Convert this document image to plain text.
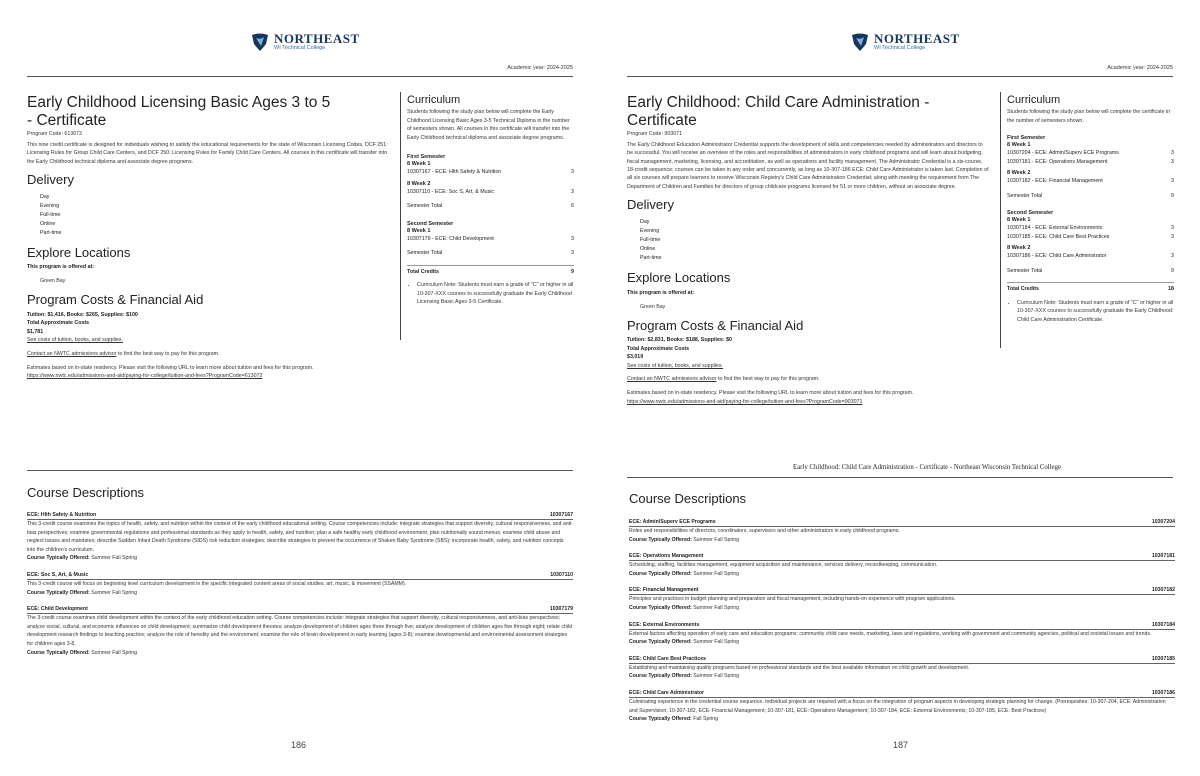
NORTHEAST
WI Technical College
Academic year: 2024-2025
Early Childhood Licensing Basic Ages 3 to 5
- Certificate
Program Code: 613072
This nine credit certificate is designed for individuals wishing to satisfy the educational requirements for the state of Wisconsin Licensing Codes, DCF 251: Licensing Rules for Group Child Care Centers, and DCF 250: Licensing Rules for Family Child Care Centers. All courses in this certificate will transfer into the Early Childhood technical diploma and associate degree programs.
Delivery
Day
Evening
Full-time
Online
Part-time
Explore Locations
This program is offered at:
Green Bay
Program Costs & Financial Aid
Tuition: $1,416, Books: $265, Supplies: $100
Total Approximate Costs
$1,781
See costs of tuition, books, and supplies.
Contact an NWTC admissions advisor to find the best way to pay for this program.
Estimates based on in-state residency. Please visit the following URL to learn more about tuition and fees for this program.
https://www.nwtc.edu/admissions-and-aid/paying-for-college/tuition-and-fees?ProgramCode=613072
Curriculum
Students following the study plan below will complete the Early Childhood Licensing Basic Ages 3-5 Technical Diploma in the number of semesters shown. All courses in this certificate will transfer into the Early Childhood technical diploma and associate degree programs.
First Semester
8 Week 1
10307167 - ECE: Hlth Safety & Nutrition	3
8 Week 2
10307110 - ECE: Soc S, Art, & Music	3
Semester Total	6
Second Semester
8 Week 1
10307179 - ECE: Child Development	3
Semester Total	3
Total Credits	9
• Curriculum Note: Students must earn a grade of "C" or higher in all 10-307-XXX courses to successfully graduate the Early Childhood Licensing Basic Ages 3-5 Certificate.
Course Descriptions
ECE: Hlth Safety & Nutrition	10307167
This 3-credit course examines the topics of health, safety, and nutrition within the context of the early childhood educational setting. Course competencies include: integrate strategies that support diversity, cultural responsiveness, and anti-bias perspectives; examine governmental regulations and professional standards as they apply to health, safety, and nutrition; plan a safe healthy early childhood environment; plan nutritionally sound menus; examine child abuse and neglect issues and mandates; describe Sudden Infant Death Syndrome (SIDS) risk reduction strategies; describe strategies to prevent the occurrence of Shaken Baby Syndrome (SBS); incorporate health, safety, and nutrition concepts into the children's curriculum.
Course Typically Offered: Summer Fall Spring
ECE: Soc S, Art, & Music	10307110
This 3-credit course will focus on beginning level curriculum development in the specific integrated content areas of social studies, art, music, & movement (SSAMM).
Course Typically Offered: Summer Fall Spring
ECE: Child Development	10307179
The 3-credit course examines child development within the context of the early childhood education setting. Course competencies include: integrate strategies that support diversity, cultural responsiveness, and anti-bias perspectives; analyze social, cultural, and economic influences on child development; summarize child development theories; analyze development of children ages three through five; analyze development of children ages five through eight; relate child development research findings to teaching practice; analyze the role of heredity and the environment; examine the role of brain development in early learning (ages 3-8); examine developmental and environmental assessment strategies for children ages 3-8.
Course Typically Offered: Summer Fall Spring
186
NORTHEAST
WI Technical College
Academic year: 2024-2025
Early Childhood: Child Care Administration -
Certificate
Program Code: 903071
The Early Childhood Education Administrator Credential supports the development of skills and competencies needed by administrators and directors to be successful. You will receive an overview of the roles and responsibilities of administrators in early childhood programs and will learn about budgeting, fiscal management, marketing, licensing, and accreditation, as well as operations and facility management. The Administrator Credential is a six-course, 18-credit sequence; courses can be taken in any order and concurrently, as long as 10-307-186 ECE: Child Care Administrator is taken last. Completion of all six courses will prepare learners to receive Wisconsin Registry's Child Care Administration Credential; along with meeting the requirement from The Department of Children and Families for directors of group childcare programs licensed for 51 or more children, without an associate degree.
Delivery
Day
Evening
Full-time
Online
Part-time
Explore Locations
This program is offered at:
Green Bay
Program Costs & Financial Aid
Tuition: $2,831, Books: $188, Supplies: $0
Total Approximate Costs
$3,019
See costs of tuition, books, and supplies.
Contact an NWTC admissions advisor to find the best way to pay for this program.
Estimates based on in-state residency. Please visit the following URL to learn more about tuition and fees for this program.
https://www.nwtc.edu/admissions-and-aid/paying-for-college/tuition-and-fees?ProgramCode=903071
Curriculum
Students following the study plan below will complete the certificate in the number of semesters shown.
First Semester
8 Week 1
10307204 - ECE: Admin/Superv ECE Programs	3
10307181 - ECE: Operations Management	3
8 Week 2
10307182 - ECE: Financial Management	3
Semester Total	9
Second Semester
8 Week 1
10307184 - ECE: External Environments	3
10307185 - ECE: Child Care Best Practices	3
8 Week 2
10307186 - ECE: Child Care Administrator	3
Semester Total	9
Total Credits	18
• Curriculum Note: Students must earn a grade of "C" or higher in all 10-307-XXX courses to successfully graduate the Early Childhood: Child Care Administration Certificate.
Early Childhood: Child Care Administration - Certificate - Northeast Wisconsin Technical College
Course Descriptions
ECE: Admin/Superv ECE Programs	10307204
Roles and responsibilities of directors, coordinators, supervisors and other administrators in early childhood programs.
Course Typically Offered: Summer Fall Spring
ECE: Operations Management	10307181
Scheduling, staffing, facilities management, equipment acquisition and maintenance, services delivery, recordkeeping, communication.
Course Typically Offered: Summer Fall Spring
ECE: Financial Management	10307182
Principles and practices in budget planning and preparation and fiscal management, including hands-on experience with program applications.
Course Typically Offered: Summer Fall Spring
ECE: External Environments	10307184
External factors affecting operation of early care and education programs: community child care needs, marketing, laws and regulations, working with government and community agencies, political and societal issues and trends.
Course Typically Offered: Summer Fall Spring
ECE: Child Care Best Practices	10307185
Establishing and maintaining quality programs based on professional standards and the best available information on child growth and development.
Course Typically Offered: Summer Fall Spring
ECE: Child Care Administrator	10307186
Culminating experience in the credential course sequence. Individual projects are required with a focus on the integration of program aspects in developing strategic planning for change. (Prerequisites: 10-307-204, ECE: Administration and Supervision; 10-307-182, ECE: Financial Management; 10-307-181, ECE: Operations Management; 10-307-184, ECE: External Environments; 10-307-185, ECE: Best Practices)
Course Typically Offered: Fall Spring
187
